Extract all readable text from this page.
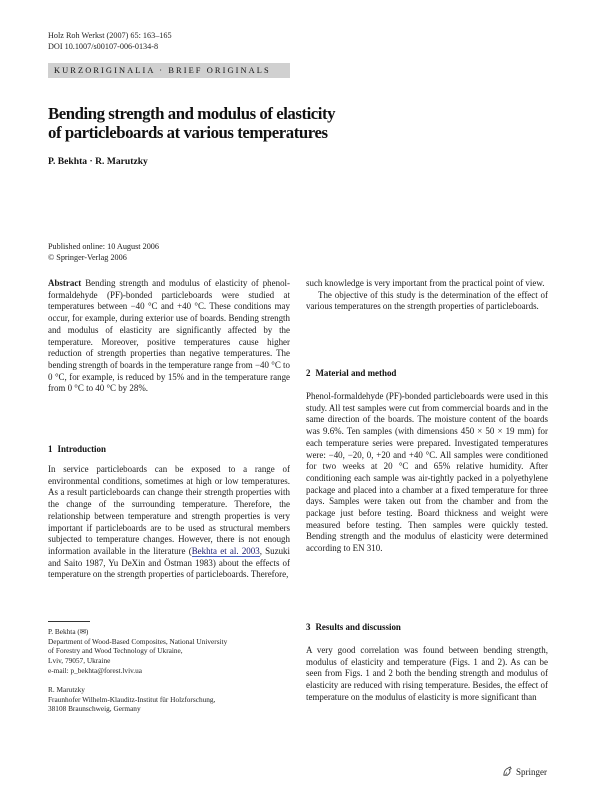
Holz Roh Werkst (2007) 65: 163–165
DOI 10.1007/s00107-006-0134-8
KURZORIGINALIA · BRIEF ORIGINALS
Bending strength and modulus of elasticity
of particleboards at various temperatures
P. Bekhta · R. Marutzky
Published online: 10 August 2006
© Springer-Verlag 2006

Abstract Bending strength and modulus of elasticity of phenol-formaldehyde (PF)-bonded particleboards were studied at temperatures between −40 °C and +40 °C. These conditions may occur, for example, during exterior use of boards. Bending strength and modulus of elasticity are significantly affected by the temperature. Moreover, positive temperatures cause higher reduction of strength properties than negative temperatures. The bending strength of boards in the temperature range from −40 °C to 0 °C, for example, is reduced by 15% and in the temperature range from 0 °C to 40 °C by 28%.

1 Introduction

In service particleboards can be exposed to a range of environmental conditions, sometimes at high or low temperatures. As a result particleboards can change their strength properties with the change of the surrounding temperature. Therefore, the relationship between temperature and strength properties is very important if particleboards are to be used as structural members subjected to temperature changes. However, there is not enough information available in the literature (Bekhta et al. 2003, Suzuki and Saito 1987, Yu DeXin and Östman 1983) about the effects of temperature on the strength properties of particleboards. Therefore,

P. Bekhta (✉)
Department of Wood-Based Composites, National University
of Forestry and Wood Technology of Ukraine,
Lviv, 79057, Ukraine
e-mail: p_bekhta@forest.lviv.ua
R. Marutzky
Fraunhofer Wilhelm-Klauditz-Institut für Holzforschung,
38108 Braunschweig, Germany

such knowledge is very important from the practical point of view.

The objective of this study is the determination of the effect of various temperatures on the strength properties of particleboards.

2 Material and method

Phenol-formaldehyde (PF)-bonded particleboards were used in this study. All test samples were cut from commercial boards and in the same direction of the boards. The moisture content of the boards was 9.6%. Ten samples (with dimensions 450 × 50 × 19 mm) for each temperature series were prepared. Investigated temperatures were: −40, −20, 0, +20 and +40 °C. All samples were conditioned for two weeks at 20 °C and 65% relative humidity. After conditioning each sample was air-tightly packed in a polyethylene package and placed into a chamber at a fixed temperature for three days. Samples were taken out from the chamber and from the package just before testing. Board thickness and weight were measured before testing. Then samples were quickly tested. Bending strength and the modulus of elasticity were determined according to EN 310.

3 Results and discussion

A very good correlation was found between bending strength, modulus of elasticity and temperature (Figs. 1 and 2). As can be seen from Figs. 1 and 2 both the bending strength and modulus of elasticity are reduced with rising temperature. Besides, the effect of temperature on the modulus of elasticity is more significant than

Springer
